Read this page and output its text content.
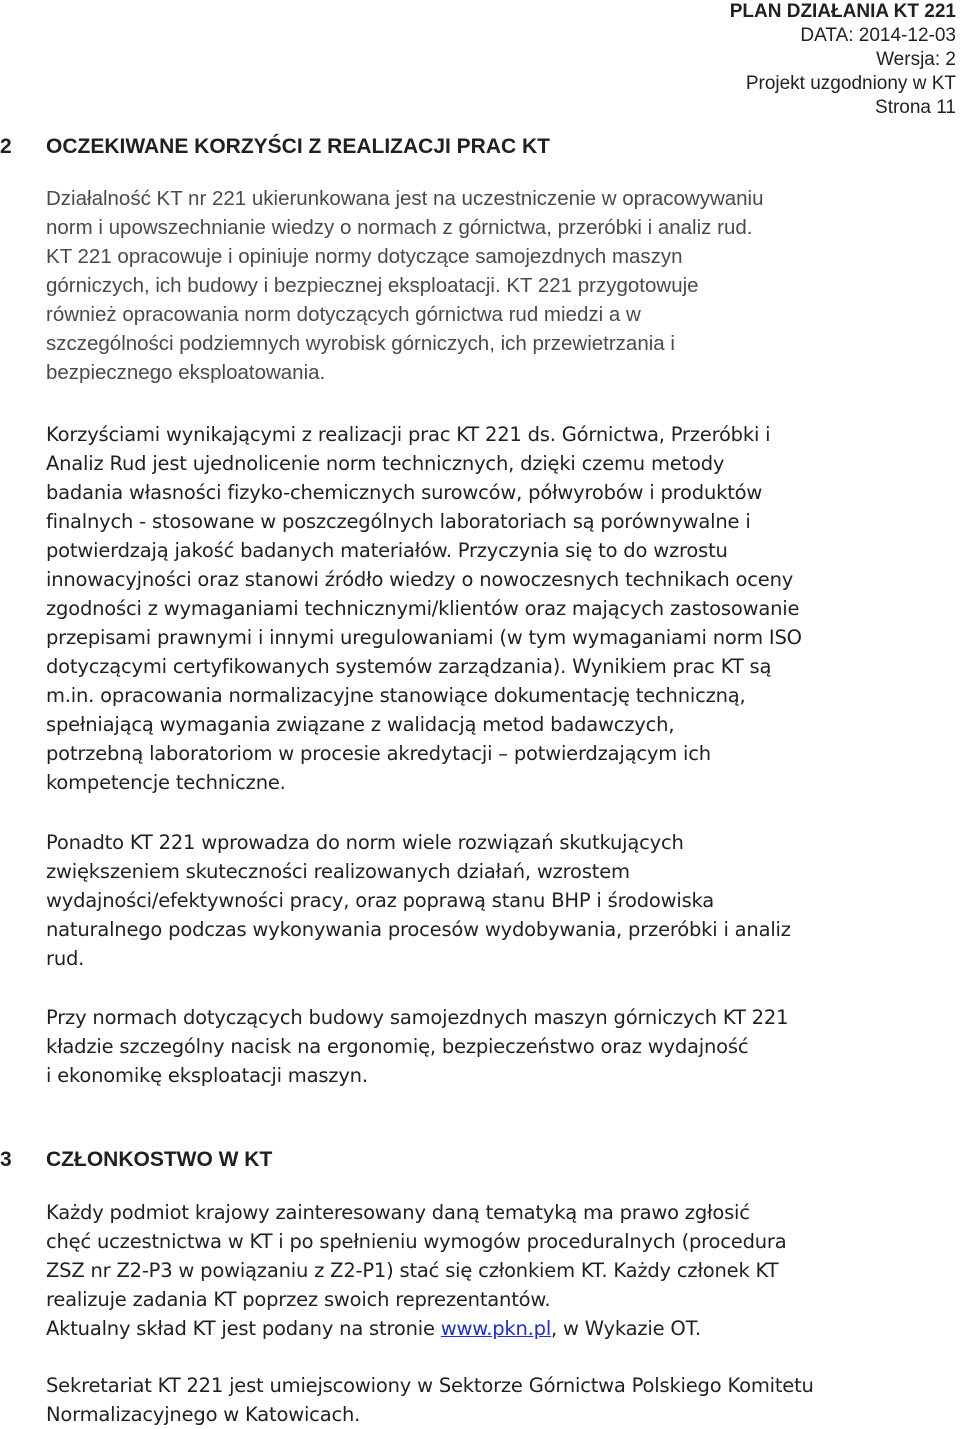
PLAN DZIAŁANIA KT 221
DATA: 2014-12-03
Wersja: 2
Projekt uzgodniony w KT
Strona 11
2 OCZEKIWANE KORZYŚCI Z REALIZACJI PRAC KT
Działalność KT nr 221 ukierunkowana jest na uczestniczenie w opracowywaniu
norm i upowszechnianie wiedzy o normach z górnictwa, przeróbki i analiz rud.
KT 221 opracowuje i opiniuje normy dotyczące samojezdnych maszyn
górniczych, ich budowy i bezpiecznej eksploatacji. KT 221 przygotowuje
również opracowania norm dotyczących górnictwa rud miedzi a w
szczególności podziemnych wyrobisk górniczych, ich przewietrzania i
bezpiecznego eksploatowania.
Korzyściami wynikającymi z realizacji prac KT 221 ds. Górnictwa, Przeróbki i
Analiz Rud jest ujednolicenie norm technicznych, dzięki czemu metody
badania własności fizyko-chemicznych surowców, półwyrobów i produktów
finalnych - stosowane w poszczególnych laboratoriach są porównywalne i
potwierdzają jakość badanych materiałów. Przyczynia się to do wzrostu
innowacyjności oraz stanowi źródło wiedzy o nowoczesnych technikach oceny
zgodności z wymaganiami technicznymi/klientów oraz mających zastosowanie
przepisami prawnymi i innymi uregulowaniami (w tym wymaganiami norm ISO
dotyczącymi certyfikowanych systemów zarządzania). Wynikiem prac KT są
m.in. opracowania normalizacyjne stanowiące dokumentację techniczną,
spełniającą wymagania związane z walidacją metod badawczych,
potrzebną laboratoriom w procesie akredytacji – potwierdzającym ich
kompetencje techniczne.
Ponadto KT 221 wprowadza do norm wiele rozwiązań skutkujących
zwiększeniem skuteczności realizowanych działań, wzrostem
wydajności/efektywności pracy, oraz poprawą stanu BHP i środowiska
naturalnego podczas wykonywania procesów wydobywania, przeróbki i analiz
rud.
Przy normach dotyczących budowy samojezdnych maszyn górniczych KT 221
kładzie szczególny nacisk na ergonomię, bezpieczeństwo oraz wydajność
i ekonomikę eksploatacji maszyn.
3 CZŁONKOSTWO W KT
Każdy podmiot krajowy zainteresowany daną tematyką ma prawo zgłosić
chęć uczestnictwa w KT i po spełnieniu wymogów proceduralnych (procedura
ZSZ nr Z2-P3 w powiązaniu z Z2-P1) stać się członkiem KT. Każdy członek KT
realizuje zadania KT poprzez swoich reprezentantów.
Aktualny skład KT jest podany na stronie www.pkn.pl, w Wykazie OT.
Sekretariat KT 221 jest umiejscowiony w Sektorze Górnictwa Polskiego Komitetu
Normalizacyjnego w Katowicach.
